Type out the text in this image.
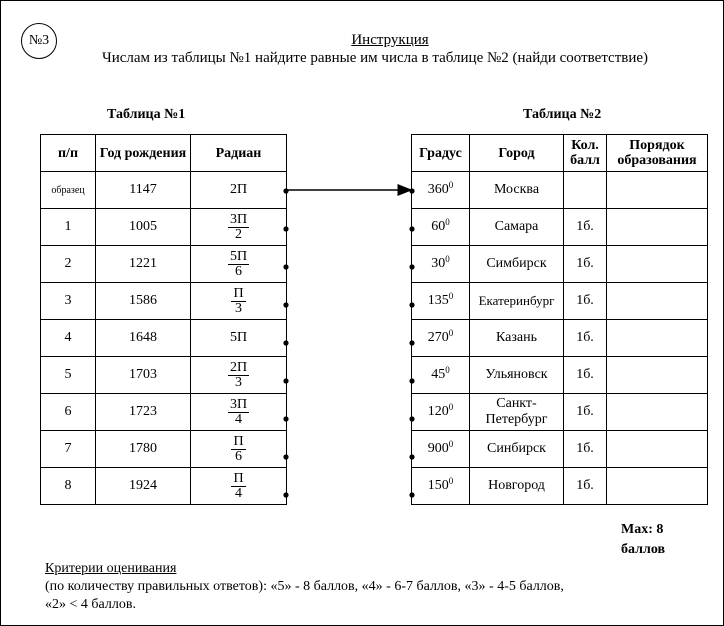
№3	Инструкция
Числам из таблицы №1 найдите равные им числа в таблице №2 (найди соответствие)
Таблица №1	Таблица №2
п/п	Год рождения	Радиан
образец	1147	2П
1	1005	$\frac{3П}{2}$

2	1221	$\frac{5П}{6}$

3	1586	$\frac{П}{3}$

4	1648	5П
5	1703	$\frac{2П}{3}$

6	1723	$\frac{3П}{4}$

7	1780	$\frac{П}{6}$

8	1924	$\frac{П}{4}$
Градус	Город	Кол. балл	Порядок образования
$360^0$	Москва		
$60^0$	Самара	1б.	
$30^0$	Симбирск	1б.	
$135^0$	Екатеринбург	1б.	
$270^0$	Казань	1б.	
$45^0$	Ульяновск	1б.	
$120^0$	Санкт-Петербург	1б.	
$900^0$	Синбирск	1б.	
$150^0$	Новгород	1б.	
Max: 8
баллов
Критерии оценивания
(по количеству правильных ответов): «5» - 8 баллов, «4» - 6-7 баллов, «3» - 4-5 баллов,
«2» < 4 баллов.
